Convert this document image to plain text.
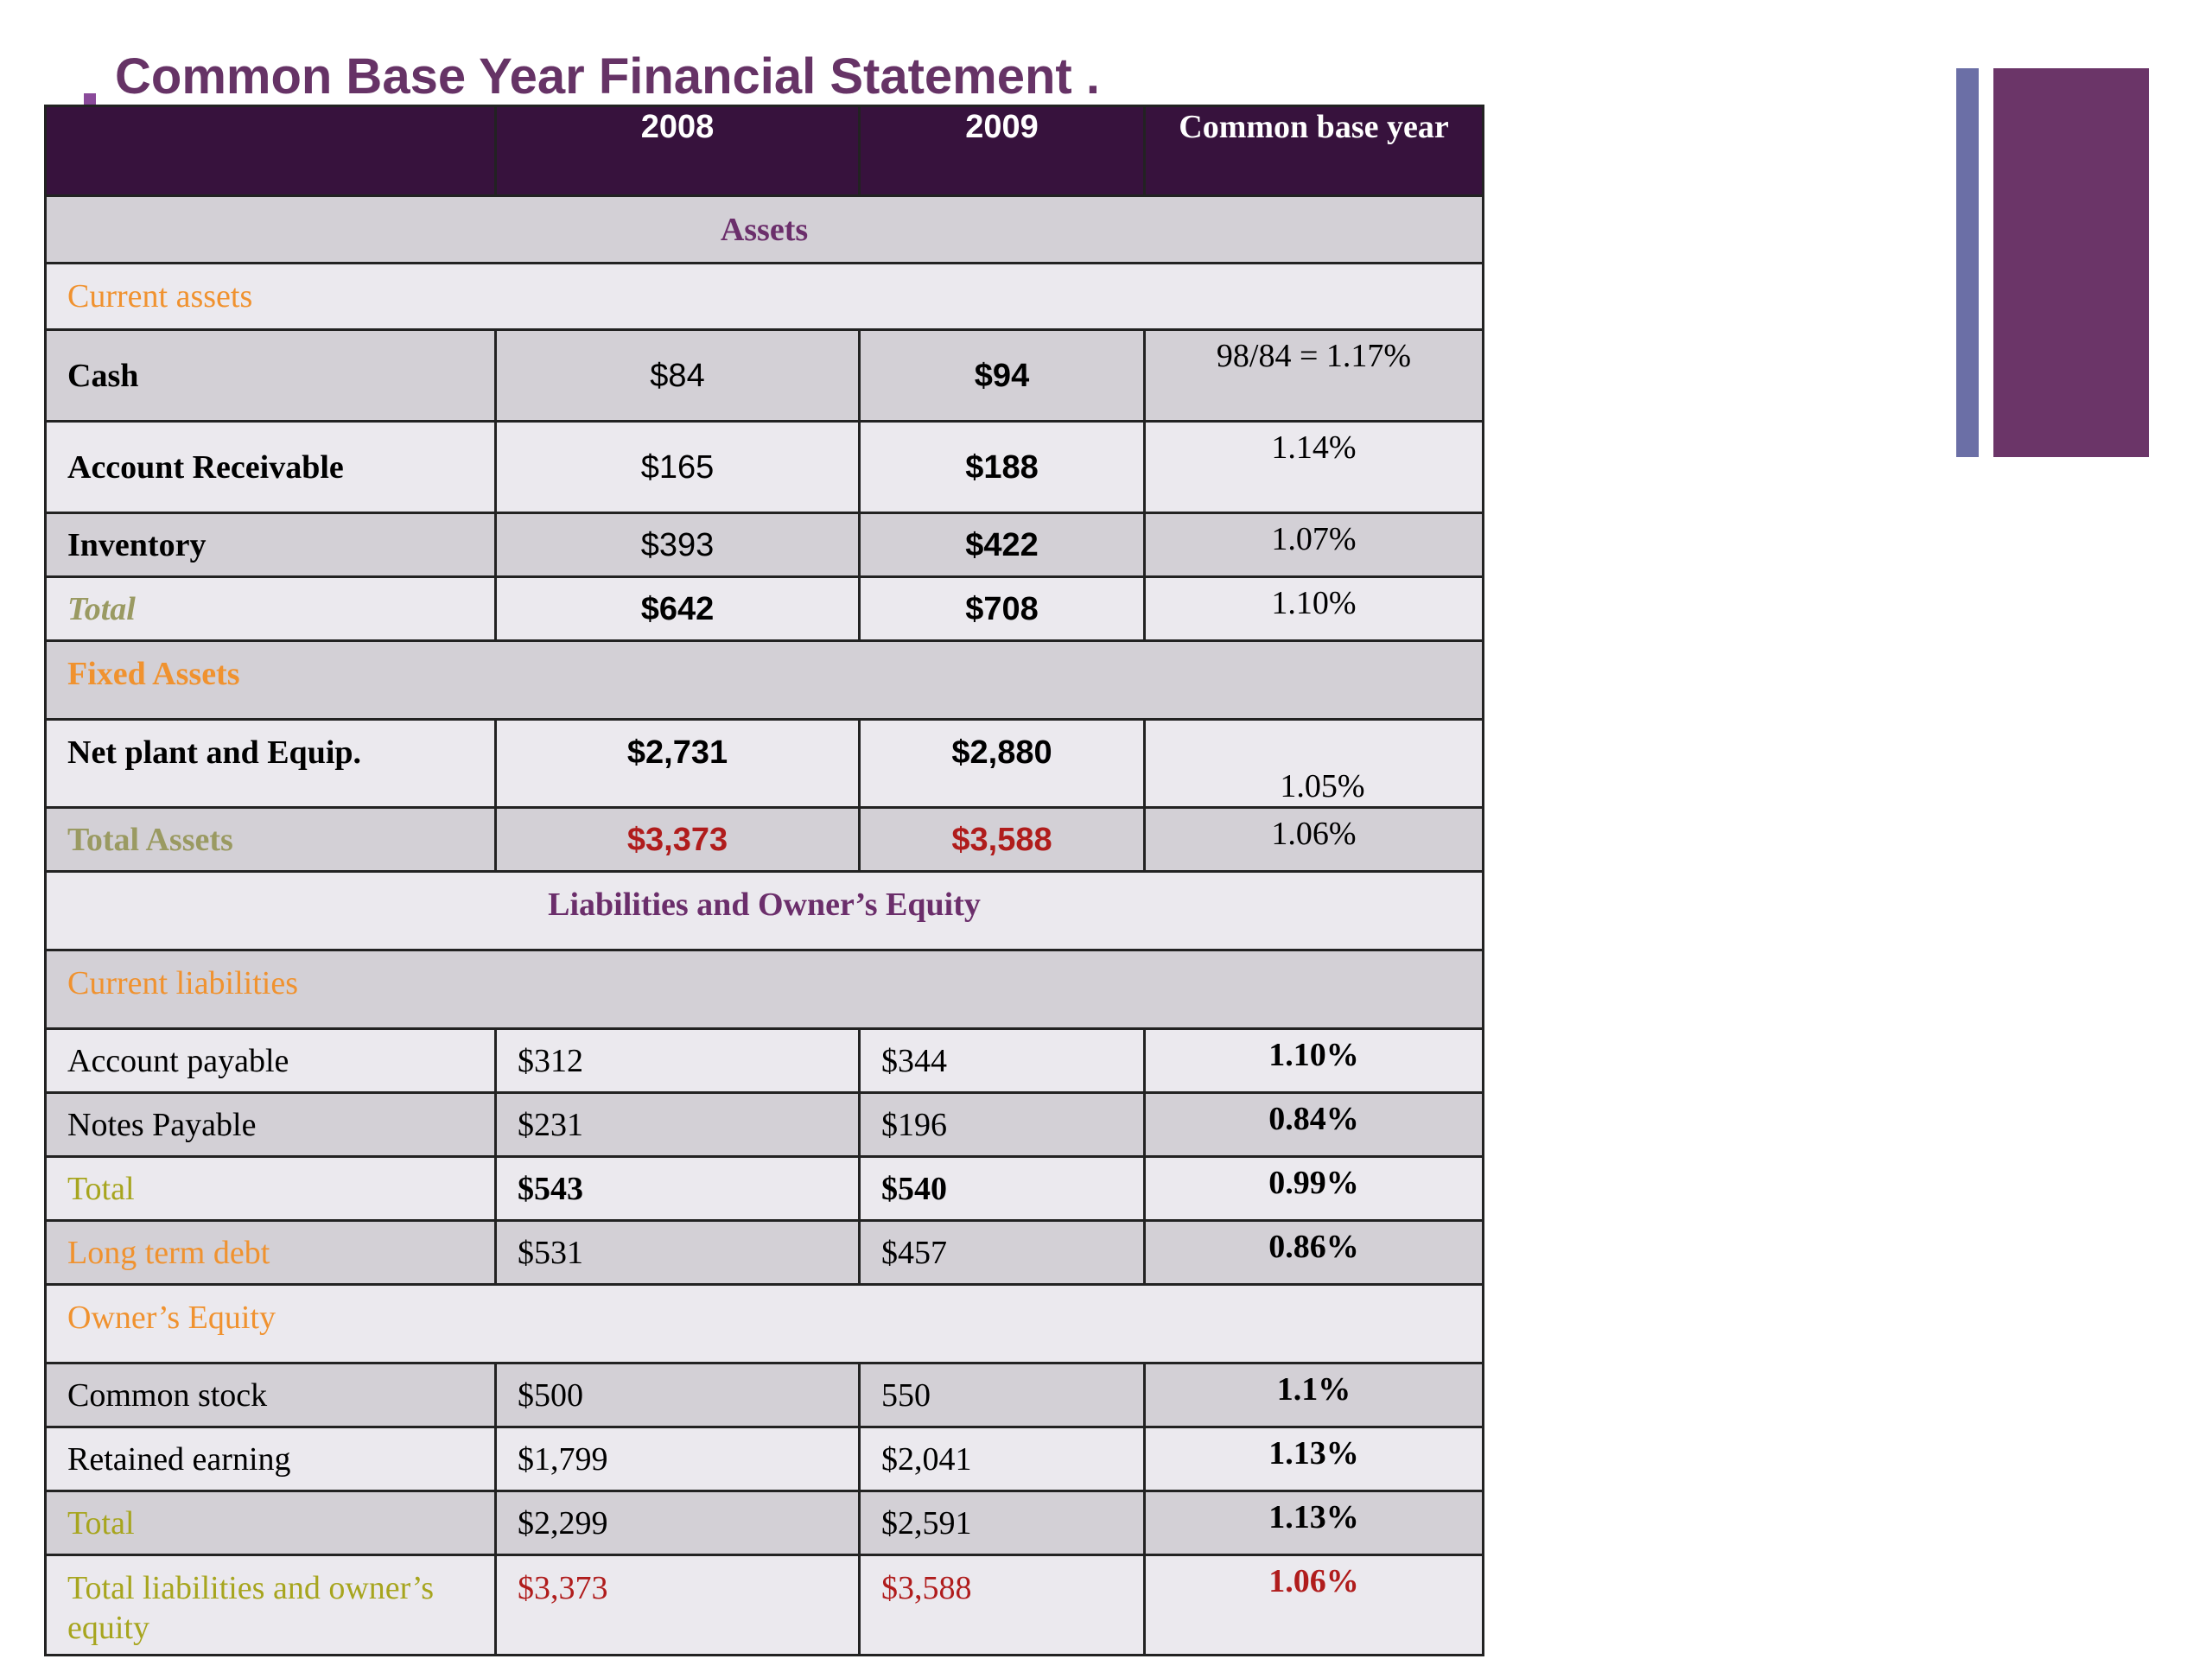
Common Base Year Financial Statement .
	2008	2009	Common base year
Assets			
Current assets			
Cash	$84	$94	98/84 = 1.17%
Account Receivable	$165	$188	1.14%
Inventory	$393	$422	1.07%
Total	$642	$708	1.10%
Fixed Assets			
Net plant and Equip.	$2,731	$2,880	1.05%
Total Assets	$3,373	$3,588	1.06%
Liabilities and Owner’s Equity			
Current liabilities			
Account payable	$312	$344	1.10%
Notes Payable	$231	$196	0.84%
Total	$543	$540	0.99%
Long term debt	$531	$457	0.86%
Owner’s Equity			
Common stock	$500	550	1.1%
Retained earning	$1,799	$2,041	1.13%
Total	$2,299	$2,591	1.13%
Total liabilities and owner’s equity	$3,373	$3,588	1.06%
